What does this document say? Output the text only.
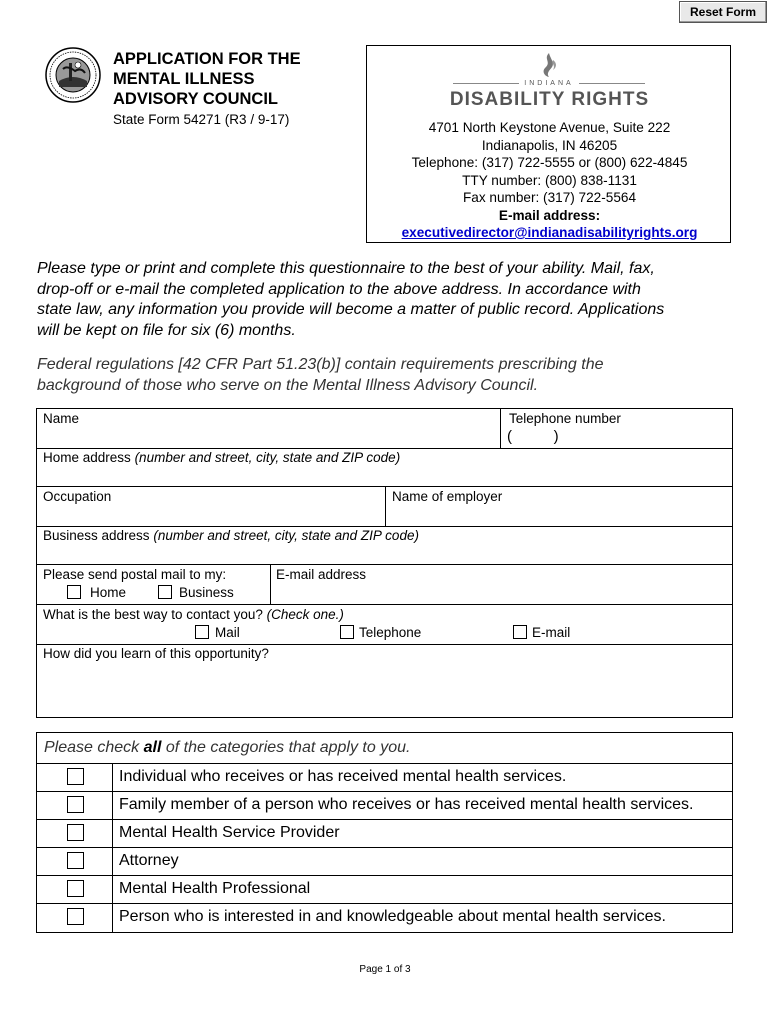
Reset Form
APPLICATION FOR THE
MENTAL ILLNESS
ADVISORY COUNCIL
State Form 54271 (R3 / 9-17)
INDIANA
DISABILITY RIGHTS
4701 North Keystone Avenue, Suite 222
Indianapolis, IN 46205
Telephone: (317) 722-5555 or (800) 622-4845
TTY number: (800) 838-1131
Fax number: (317) 722-5564
E-mail address:
executivedirector@indianadisabilityrights.org
Please type or print and complete this questionnaire to the best of your ability. Mail, fax,
drop-off or e-mail the completed application to the above address. In accordance with
state law, any information you provide will become a matter of public record. Applications
will be kept on file for six (6) months.
Federal regulations [42 CFR Part 51.23(b)] contain requirements prescribing the
background of those who serve on the Mental Illness Advisory Council.
Name	Telephone number
(          )
Home address (number and street, city, state and ZIP code)
Occupation	Name of employer
Business address (number and street, city, state and ZIP code)
Please send postal mail to my:
Home	Business
E-mail address
What is the best way to contact you? (Check one.)
Mail	Telephone	E-mail
How did you learn of this opportunity?
Please check all of the categories that apply to you.
Individual who receives or has received mental health services.
Family member of a person who receives or has received mental health services.
Mental Health Service Provider
Attorney
Mental Health Professional
Person who is interested in and knowledgeable about mental health services.
Page 1 of 3
